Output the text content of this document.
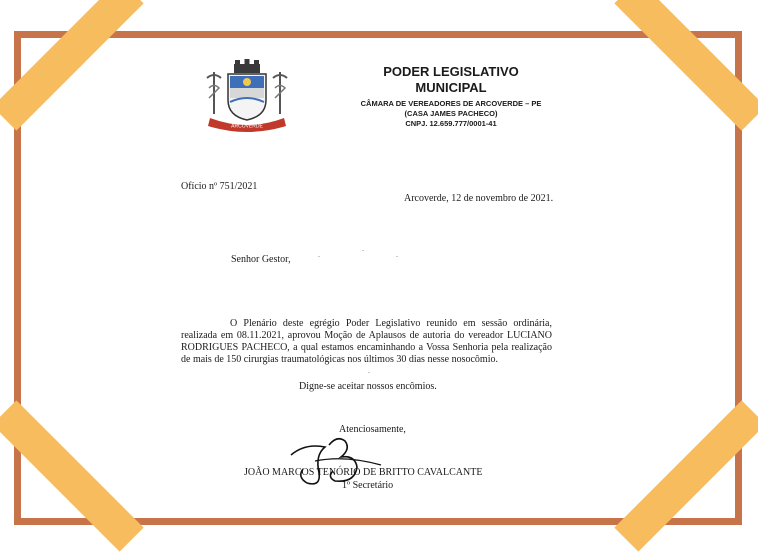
ARCOVERDE
PODER LEGISLATIVO
MUNICIPAL
CÂMARA DE VEREADORES DE ARCOVERDE – PE
(CASA JAMES PACHECO)
CNPJ. 12.659.777/0001-41
Ofício nº 751/2021
Arcoverde, 12 de novembro de 2021.
Senhor Gestor,
O Plenário deste egrégio Poder Legislativo reunido em sessão ordinária, realizada em 08.11.2021, aprovou Moção de Aplausos de autoria do vereador LUCIANO RODRIGUES PACHECO, a qual estamos encaminhando a Vossa Senhoria pela realização de mais de 150 cirurgias traumatológicas nos últimos 30 dias nesse nosocômio.
Digne-se aceitar nossos encômios.
Atenciosamente,
JOÃO MARCOS TENÓRIO DE BRITTO CAVALCANTE
1º Secretário
